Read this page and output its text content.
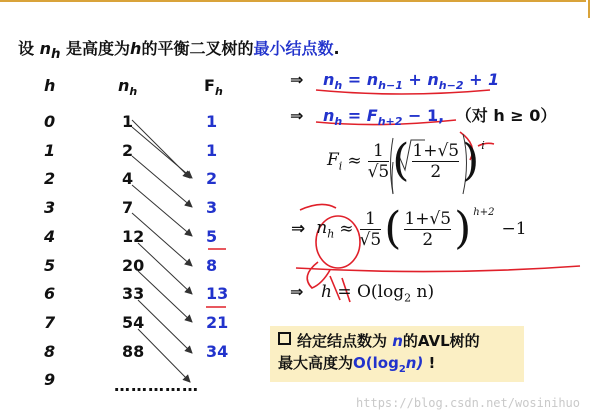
设 $n_h$ 是高度为h的平衡二叉树的最小结点数.
h	$n_h$	$F_h$
0	1	1
1	2	1
2	4	2
3	7	3
4	12	5
5	20	8
6	33	13
7	54	21
8	88	34
9	……………
⇒ $n_h = n_{h-1} + n_{h-2} + 1$
⇒ $n_h = F_{h+2} - 1$, （对 h ≥ 0）
$F_i$	≈	
1
√5	(	1+√5
2	)	i
⇒	$n_h$	≈	
1
√5	(	1+√5
2	)	h+2	−1
⇒ $h = O(\log_2$ n)
给定结点数为 n的AVL树的
最大高度为$O(\log_2n)$ !
https://blog.csdn.net/wosinihuo
